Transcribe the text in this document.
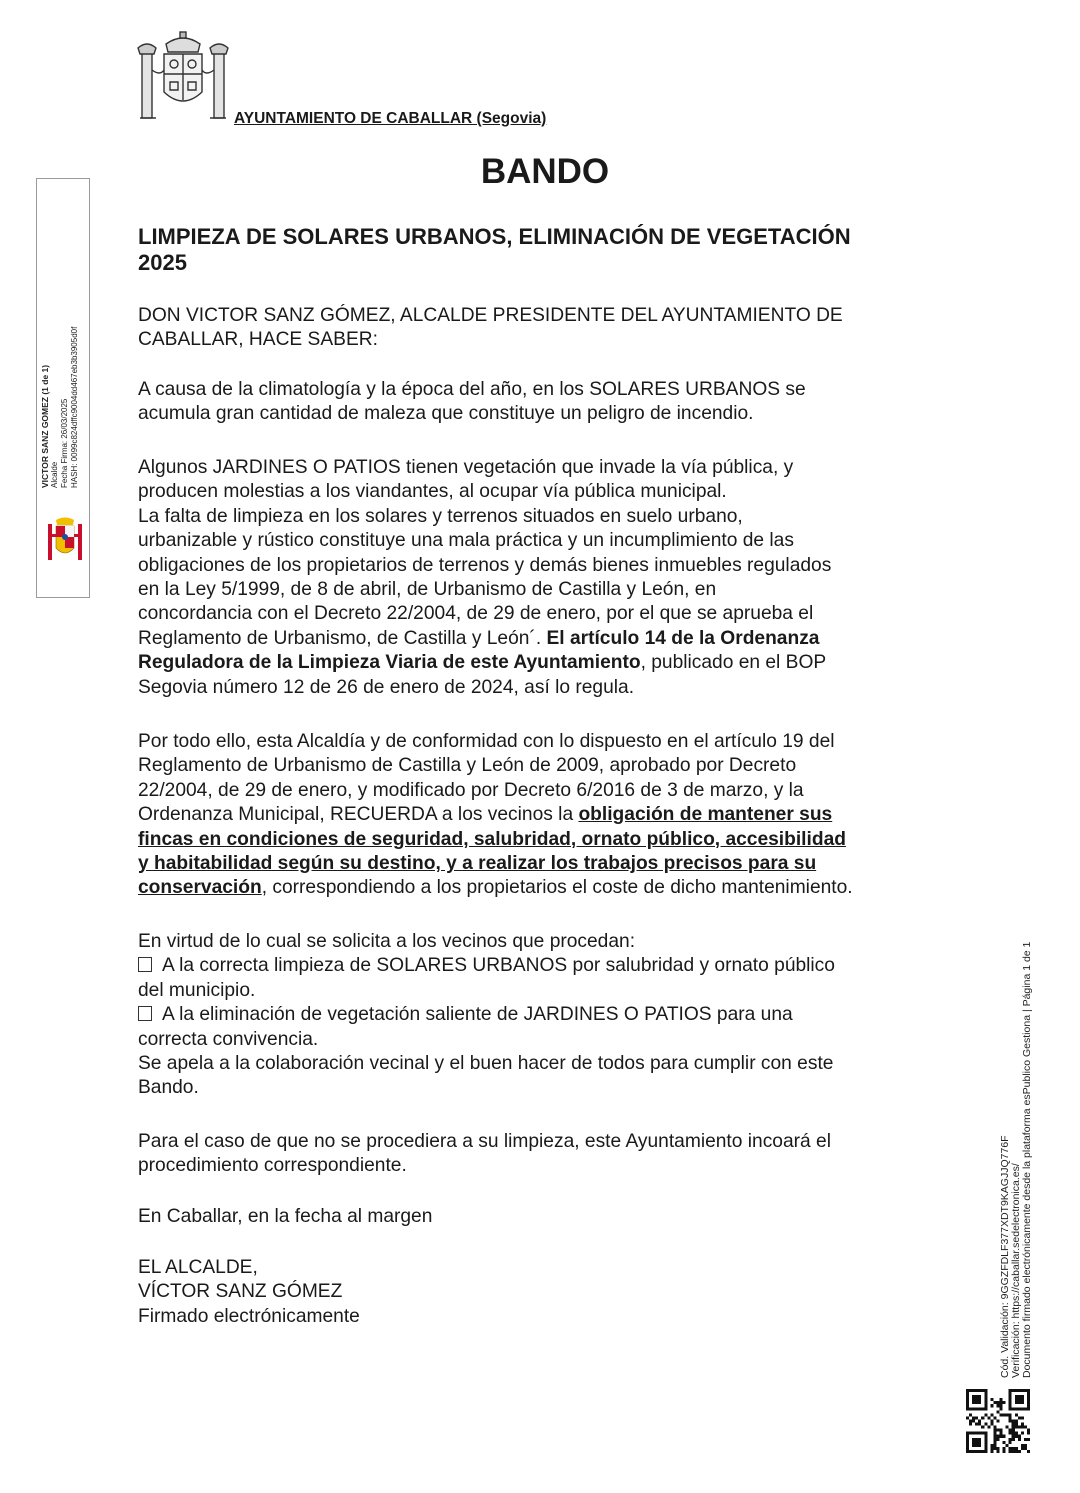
AYUNTAMIENTO DE CABALLAR (Segovia)
BANDO
LIMPIEZA DE SOLARES URBANOS, ELIMINACIÓN DE VEGETACIÓN
2025
DON VICTOR SANZ GÓMEZ, ALCALDE PRESIDENTE DEL AYUNTAMIENTO DE
CABALLAR, HACE SABER:
A causa de la climatología y la época del año, en los SOLARES URBANOS se
acumula gran cantidad de maleza que constituye un peligro de incendio.
Algunos JARDINES O PATIOS tienen vegetación que invade la vía pública, y
producen molestias a los viandantes, al ocupar vía pública municipal.
La falta de limpieza en los solares y terrenos situados en suelo urbano,
urbanizable y rústico constituye una mala práctica y un incumplimiento de las
obligaciones de los propietarios de terrenos y demás bienes inmuebles regulados
en la Ley 5/1999, de 8 de abril, de Urbanismo de Castilla y León, en
concordancia con el Decreto 22/2004, de 29 de enero, por el que se aprueba el
Reglamento de Urbanismo, de Castilla y León´. El artículo 14 de la Ordenanza
Reguladora de la Limpieza Viaria de este Ayuntamiento, publicado en el BOP
Segovia número 12 de 26 de enero de 2024, así lo regula.
Por todo ello, esta Alcaldía y de conformidad con lo dispuesto en el artículo 19 del
Reglamento de Urbanismo de Castilla y León de 2009, aprobado por Decreto
22/2004, de 29 de enero, y modificado por Decreto 6/2016 de 3 de marzo, y la
Ordenanza Municipal, RECUERDA a los vecinos la obligación de mantener sus
fincas en condiciones de seguridad, salubridad, ornato público, accesibilidad
y habitabilidad según su destino, y a realizar los trabajos precisos para su
conservación, correspondiendo a los propietarios el coste de dicho mantenimiento.
En virtud de lo cual se solicita a los vecinos que procedan:
A la correcta limpieza de SOLARES URBANOS por salubridad y ornato público
del municipio.
A la eliminación de vegetación saliente de JARDINES O PATIOS para una
correcta convivencia.
Se apela a la colaboración vecinal y el buen hacer de todos para cumplir con este
Bando.
Para el caso de que no se procediera a su limpieza, este Ayuntamiento incoará el
procedimiento correspondiente.
En Caballar, en la fecha al margen
EL ALCALDE,
VÍCTOR SANZ GÓMEZ
Firmado electrónicamente
VICTOR SANZ GOMEZ (1 de 1) Alcalde Fecha Firma: 26/03/2025 HASH: 0099c824dffc9004dd467eb3b3905d0f
Cód. Validación: 9GGZFDLF377XDT9KAGJJQ776F Verificación: https://caballar.sedelectronica.es/ Documento firmado electrónicamente desde la plataforma esPublico Gestiona | Página 1 de 1
